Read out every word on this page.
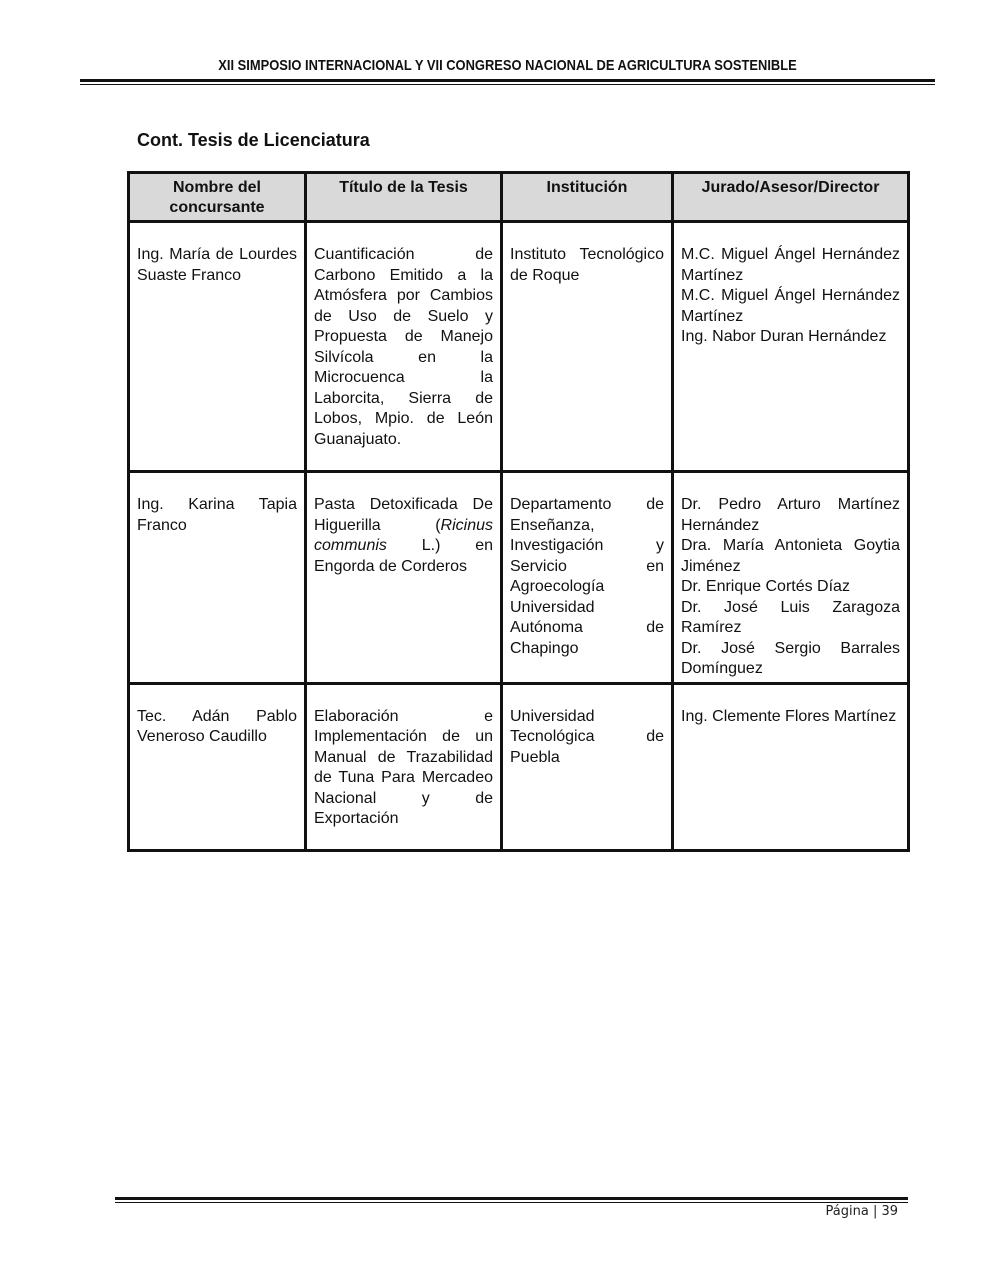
XII SIMPOSIO INTERNACIONAL Y VII CONGRESO NACIONAL DE AGRICULTURA SOSTENIBLE
Cont. Tesis de Licenciatura
Nombre del concursante	Título de la Tesis	Institución	Jurado/Asesor/Director
Ing. María de Lourdes Suaste Franco	Cuantificación de Carbono Emitido a la Atmósfera por Cambios de Uso de Suelo y Propuesta de Manejo Silvícola en la Microcuenca la Laborcita, Sierra de Lobos, Mpio. de León Guanajuato.	Instituto Tecnológico de Roque	M.C. Miguel Ángel Hernández Martínez
M.C. Miguel Ángel Hernández Martínez
Ing. Nabor Duran Hernández

Ing. Karina Tapia Franco	Pasta Detoxificada De Higuerilla (Ricinus communis L.) en Engorda de Corderos	Departamento de Enseñanza, Investigación y Servicio en Agroecología Universidad Autónoma de Chapingo	Dr. Pedro Arturo Martínez Hernández
Dra. María Antonieta Goytia Jiménez
Dr. Enrique Cortés Díaz
Dr. José Luis Zaragoza Ramírez
Dr. José Sergio Barrales Domínguez

Tec. Adán Pablo Veneroso Caudillo	Elaboración e Implementación de un Manual de Trazabilidad de Tuna Para Mercadeo Nacional y de Exportación	Universidad Tecnológica de Puebla	Ing. Clemente Flores Martínez
Página | 39
